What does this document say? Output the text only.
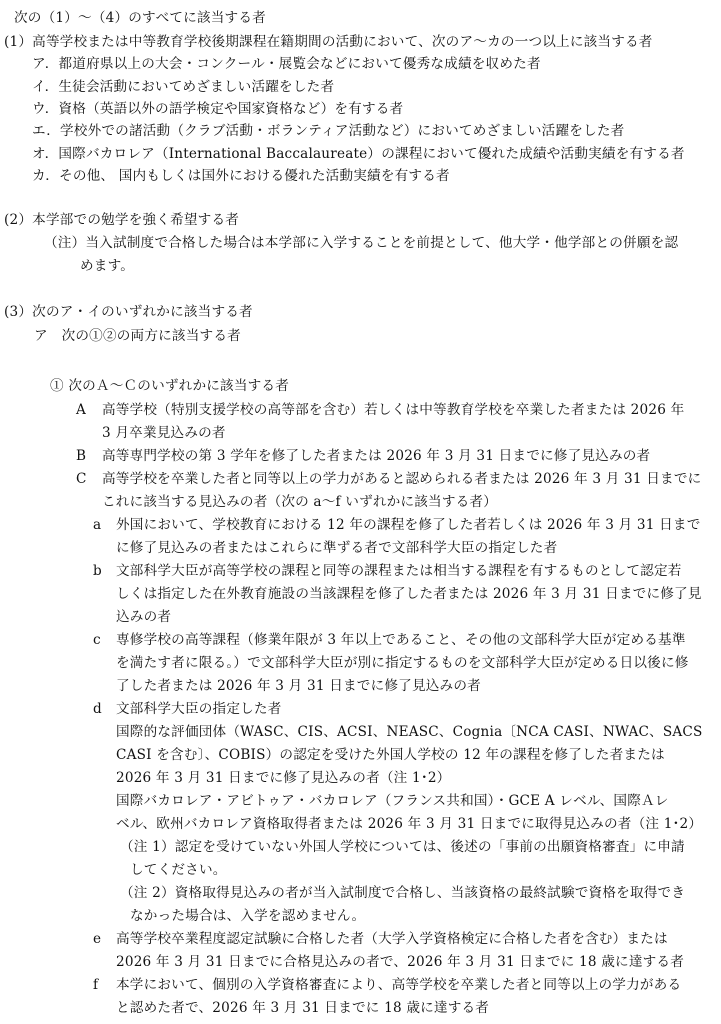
次の（1）～（4）のすべてに該当する者
(1）高等学校または中等教育学校後期課程在籍期間の活動において、次のア～カの一つ以上に該当する者
ア．都道府県以上の大会・コンクール・展覧会などにおいて優秀な成績を収めた者
イ．生徒会活動においてめざましい活躍をした者
ウ．資格（英語以外の語学検定や国家資格など）を有する者
エ．学校外での諸活動（クラブ活動・ボランティア活動など）においてめざましい活躍をした者
オ．国際バカロレア（International Baccalaureate）の課程において優れた成績や活動実績を有する者
カ．その他、 国内もしくは国外における優れた活動実績を有する者
(2）本学部での勉学を強く希望する者
（注）当入試制度で合格した場合は本学部に入学することを前提として、他大学・他学部との併願を認
めます。
(3）次のア・イのいずれかに該当する者
ア　次の①②の両方に該当する者
① 次のＡ～Ｃのいずれかに該当する者
A 高等学校（特別支援学校の高等部を含む）若しくは中等教育学校を卒業した者または 2026 年
3 月卒業見込みの者
B 高等専門学校の第 3 学年を修了した者または 2026 年 3 月 31 日までに修了見込みの者
C 高等学校を卒業した者と同等以上の学力があると認められる者または 2026 年 3 月 31 日までに
これに該当する見込みの者（次の a～f いずれかに該当する者）
a 外国において、学校教育における 12 年の課程を修了した者若しくは 2026 年 3 月 31 日まで
に修了見込みの者またはこれらに準ずる者で文部科学大臣の指定した者
b 文部科学大臣が高等学校の課程と同等の課程または相当する課程を有するものとして認定若
しくは指定した在外教育施設の当該課程を修了した者または 2026 年 3 月 31 日までに修了見
込みの者
c 専修学校の高等課程（修業年限が 3 年以上であること、その他の文部科学大臣が定める基準
を満たす者に限る。）で文部科学大臣が別に指定するものを文部科学大臣が定める日以後に修
了した者または 2026 年 3 月 31 日までに修了見込みの者
d 文部科学大臣の指定した者
国際的な評価団体（WASC、CIS、ACSI、NEASC、Cognia〔NCA CASI、NWAC、SACS
CASI を含む〕、COBIS）の認定を受けた外国人学校の 12 年の課程を修了した者または
2026 年 3 月 31 日までに修了見込みの者（注 1･2）
国際バカロレア・アビトゥア・バカロレア（フランス共和国）・GCE A レベル、国際Ａレ
ベル、欧州バカロレア資格取得者または 2026 年 3 月 31 日までに取得見込みの者（注 1･2）
（注 1）認定を受けていない外国人学校については、後述の「事前の出願資格審査」に申請
してください。
（注 2）資格取得見込みの者が当入試制度で合格し、当該資格の最終試験で資格を取得でき
なかった場合は、入学を認めません。
e 高等学校卒業程度認定試験に合格した者（大学入学資格検定に合格した者を含む）または
2026 年 3 月 31 日までに合格見込みの者で、2026 年 3 月 31 日までに 18 歳に達する者
f 本学において、個別の入学資格審査により、高等学校を卒業した者と同等以上の学力がある
と認めた者で、2026 年 3 月 31 日までに 18 歳に達する者
